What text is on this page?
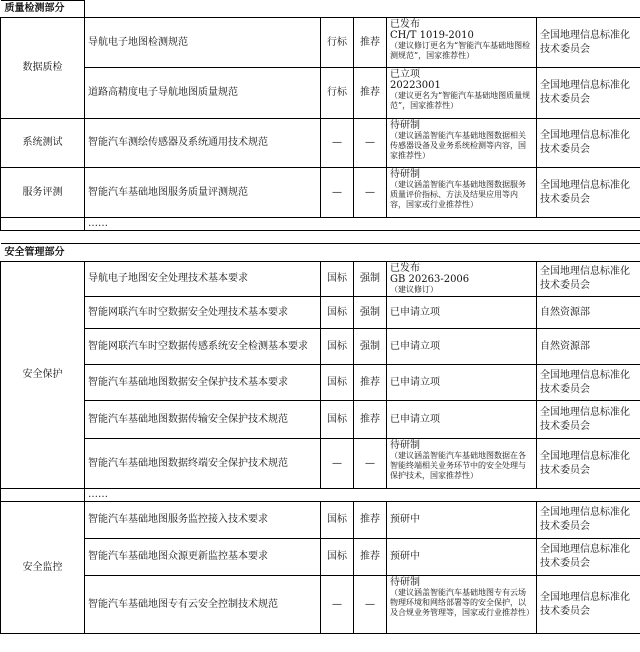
质量检测部分					
数据质检	导航电子地图检测规范	行标	推荐	已发布
CH/T 1019-2010
（建议修订更名为“智能汽车基础地图检测规范”，国家推荐性）	全国地理信息标准化技术委员会
	道路高精度电子导航地图质量规范	行标	推荐	已立项
20223001
（建议更名为“智能汽车基础地图质量规范”，国家推荐性）	全国地理信息标准化技术委员会
系统测试	智能汽车测绘传感器及系统通用技术规范	—	—	待研制
（建议涵盖智能汽车基础地图数据相关传感器设备及业务系统检测等内容，国家推荐性）	全国地理信息标准化技术委员会
服务评测	智能汽车基础地图服务质量评测规范	—	—	待研制
（建议涵盖智能汽车基础地图数据服务质量评价指标、方法及结果应用等内容，国家或行业推荐性）	全国地理信息标准化技术委员会
	……				

安全管理部分					
安全保护	导航电子地图安全处理技术基本要求	国标	强制	已发布
GB 20263-2006
（建议修订）	全国地理信息标准化技术委员会
	智能网联汽车时空数据安全处理技术基本要求	国标	强制	已申请立项	自然资源部
	智能网联汽车时空数据传感系统安全检测基本要求	国标	强制	已申请立项	自然资源部
	智能汽车基础地图数据安全保护技术基本要求	国标	推荐	已申请立项	全国地理信息标准化技术委员会
	智能汽车基础地图数据传输安全保护技术规范	国标	推荐	已申请立项	全国地理信息标准化技术委员会
	智能汽车基础地图数据终端安全保护技术规范	—	—	待研制
（建议涵盖智能汽车基础地图数据在各智能终端相关业务环节中的安全处理与保护技术，国家推荐性）	全国地理信息标准化技术委员会
	……				
安全监控	智能汽车基础地图服务监控接入技术要求	国标	推荐	预研中	全国地理信息标准化技术委员会
	智能汽车基础地图众源更新监控基本要求	国标	推荐	预研中	全国地理信息标准化技术委员会
	智能汽车基础地图专有云安全控制技术规范	—	—	待研制
（建议涵盖智能汽车基础地图专有云场物理环境和网络部署等的安全保护，以及合规业务管理等，国家或行业推荐性）	全国地理信息标准化技术委员会
